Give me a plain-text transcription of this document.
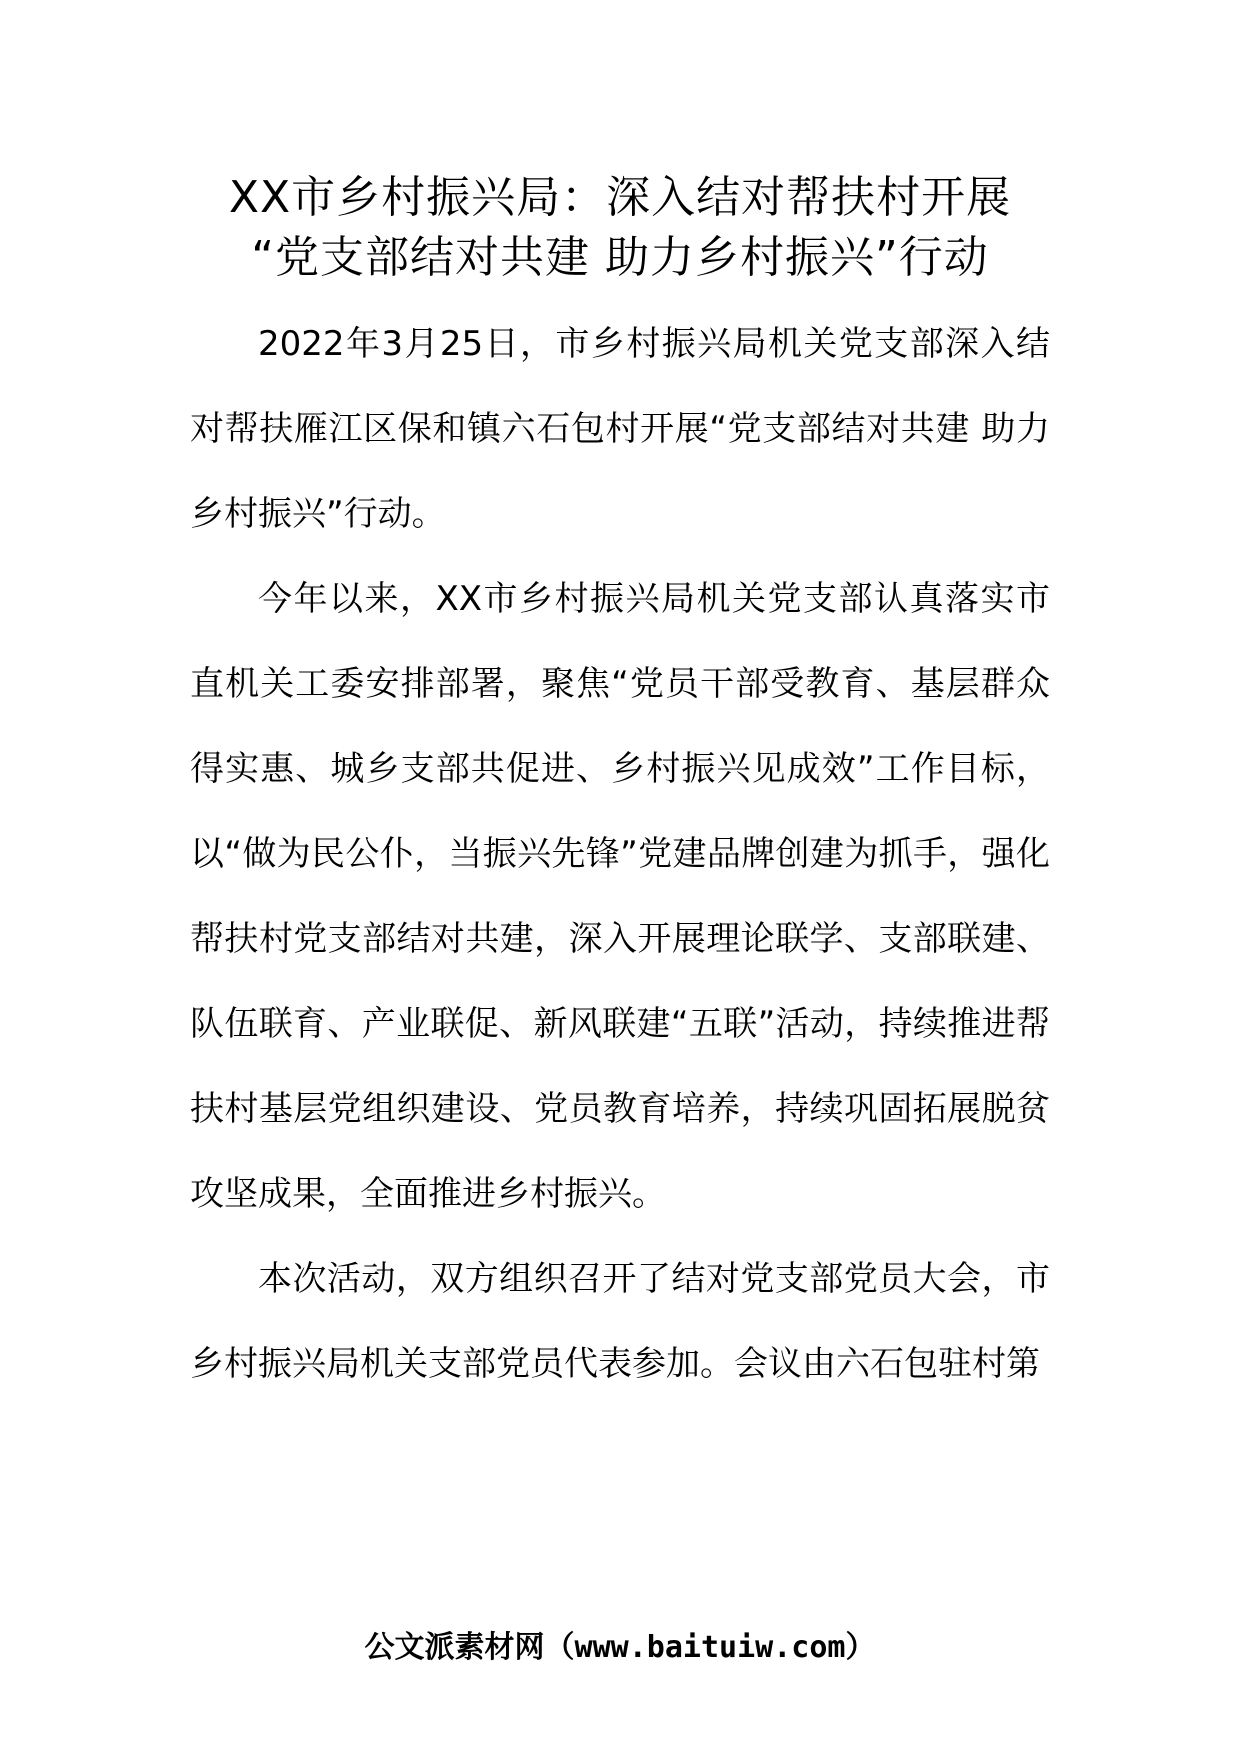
XX市乡村振兴局：深入结对帮扶村开展
“党支部结对共建 助力乡村振兴”行动

2022年3月25日，市乡村振兴局机关党支部深入结对帮扶雁江区保和镇六石包村开展“党支部结对共建 助力乡村振兴”行动。

今年以来，XX市乡村振兴局机关党支部认真落实市直机关工委安排部署，聚焦“党员干部受教育、基层群众得实惠、城乡支部共促进、乡村振兴见成效”工作目标，以“做为民公仆，当振兴先锋”党建品牌创建为抓手，强化帮扶村党支部结对共建，深入开展理论联学、支部联建、队伍联育、产业联促、新风联建“五联”活动，持续推进帮扶村基层党组织建设、党员教育培养，持续巩固拓展脱贫攻坚成果，全面推进乡村振兴。

本次活动，双方组织召开了结对党支部党员大会，市乡村振兴局机关支部党员代表参加。会议由六石包驻村第

公文派素材网（www.baituiw.com）
